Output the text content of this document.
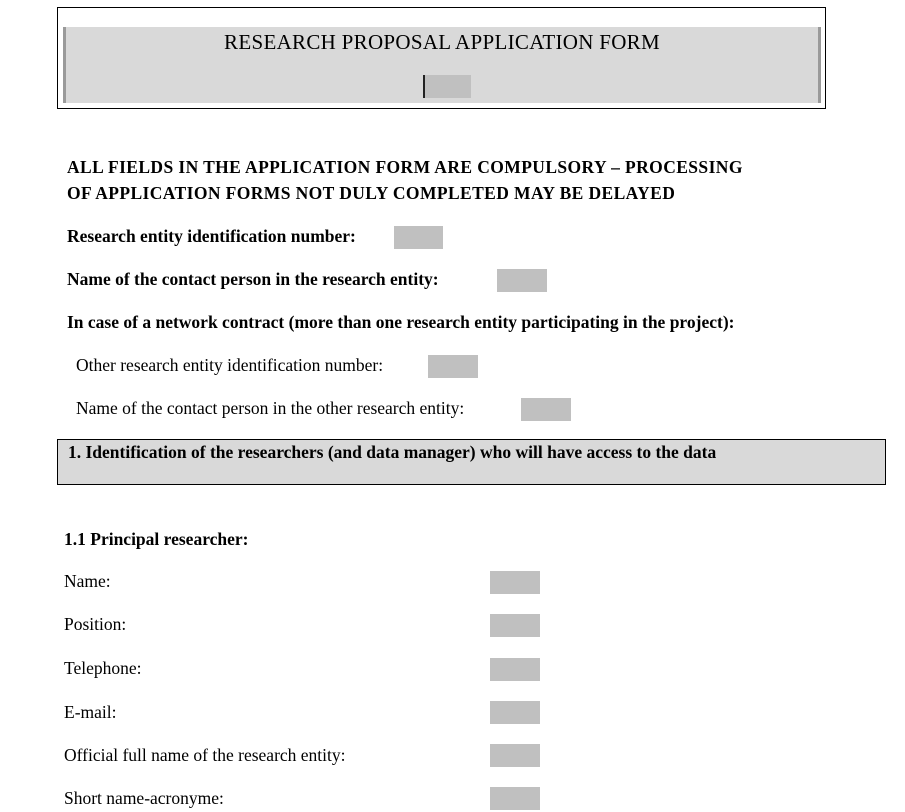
RESEARCH PROPOSAL APPLICATION FORM
ALL FIELDS IN THE APPLICATION FORM ARE COMPULSORY – PROCESSING
OF APPLICATION FORMS NOT DULY COMPLETED MAY BE DELAYED
Research entity identification number:
Name of the contact person in the research entity:
In case of a network contract (more than one research entity participating in the project):
Other research entity identification number:
Name of the contact person in the other research entity:
1. Identification of the researchers (and data manager) who will have access to the data
1.1 Principal researcher:
Name:
Position:
Telephone:
E-mail:
Official full name of the research entity:
Short name-acronyme:
